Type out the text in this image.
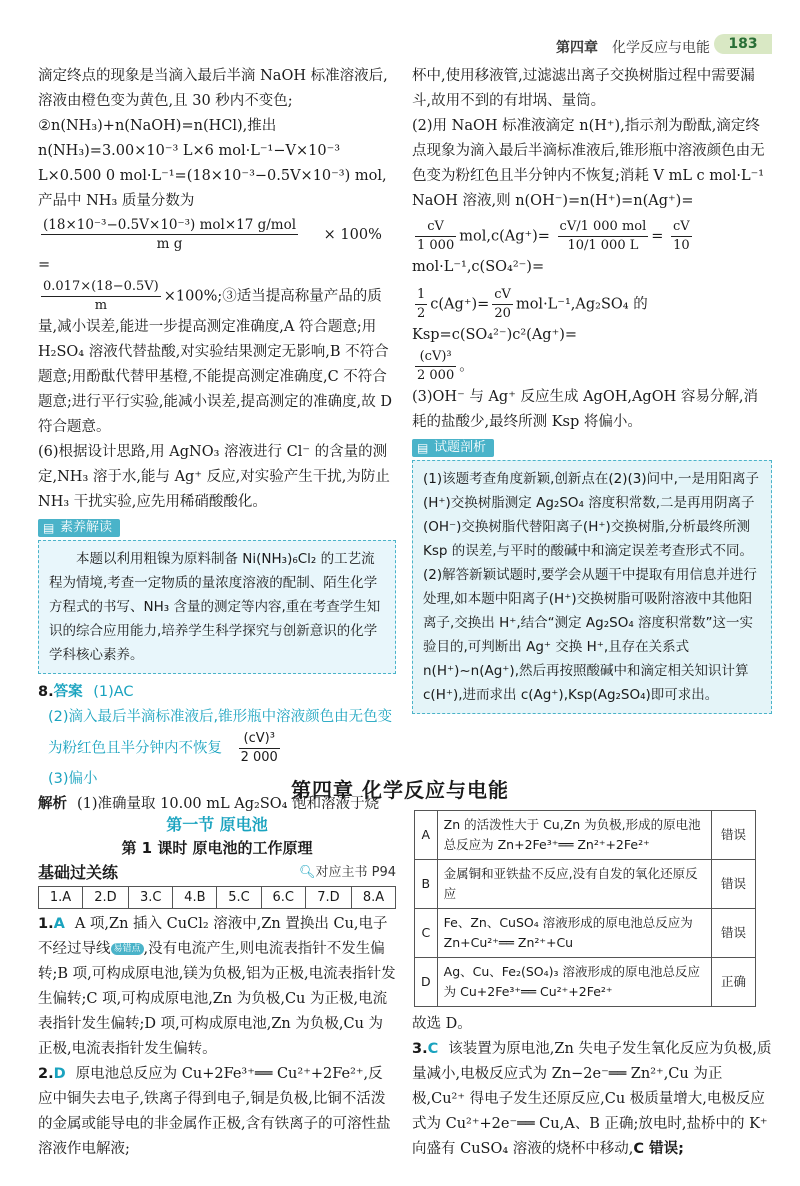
第四章 化学反应与电能	183

滴定终点的现象是当滴入最后半滴 NaOH 标准溶液后,溶液由橙色变为黄色,且 30 秒内不变色;

②n(NH₃)+n(NaOH)=n(HCl),推出 n(NH₃)=3.00×10⁻³ L×6 mol·L⁻¹−V×10⁻³ L×0.500 0 mol·L⁻¹=(18×10⁻³−0.5V×10⁻³) mol,产品中 NH₃ 质量分数为

$\frac{\text{(18×10⁻³−0.5V×10⁻³) mol×17 g/mol}}{\text{m g}} \times 100\%$ =

$\frac{0.017\times(18-0.5V)}{m}$ ×100%;③适当提高称量产品的质量,减小误差,能进一步提高测定准确度,A 符合题意;用 H₂SO₄ 溶液代替盐酸,对实验结果测定无影响,B 不符合题意;用酚酞代替甲基橙,不能提高测定准确度,C 不符合题意;进行平行实验,能减小误差,提高测定的准确度,故 D 符合题意。

(6)根据设计思路,用 AgNO₃ 溶液进行 Cl⁻ 的含量的测定,NH₃ 溶于水,能与 Ag⁺ 反应,对实验产生干扰,为防止 NH₃ 干扰实验,应先用稀硝酸酸化。

▤ 素养解读

本题以利用粗镍为原料制备 Ni(NH₃)₆Cl₂ 的工艺流程为情境,考查一定物质的量浓度溶液的配制、陌生化学方程式的书写、NH₃ 含量的测定等内容,重在考查学生知识的综合应用能力,培养学生科学探究与创新意识的化学学科核心素养。

8.答案 (1)AC

(2)滴入最后半滴标准液后,锥形瓶中溶液颜色由无色变为粉红色且半分钟内不恢复 $\frac{\text{(cV)³}}{2 000}$

(3)偏小

解析 (1)准确量取 10.00 mL Ag₂SO₄ 饱和溶液于烧

杯中,使用移液管,过滤滤出离子交换树脂过程中需要漏斗,故用不到的有坩埚、量筒。

(2)用 NaOH 标准液滴定 n(H⁺),指示剂为酚酞,滴定终点现象为滴入最后半滴标准液后,锥形瓶中溶液颜色由无色变为粉红色且半分钟内不恢复;消耗 V mL c mol·L⁻¹ NaOH 溶液,则 n(OH⁻)=n(H⁺)=n(Ag⁺)=

$\frac{cV}{1 000} mol,c(Ag^+)= \frac{\text{cV/1 000 mol}}{10/1 000 L} = \frac{cV}{10}$
mol·L⁻¹,c(SO₄²⁻)=

$\frac{1}{2} c(Ag^+)= \frac{cV}{20} mol\cdot L^{-1},Ag_2SO_4$ 的 Ksp=c(SO₄²⁻)c²(Ag⁺)=

$\frac{\text{(cV)³}}{2 000}$ 。

(3)OH⁻ 与 Ag⁺ 反应生成 AgOH,AgOH 容易分解,消耗的盐酸少,最终所测 Ksp 将偏小。

▤ 试题剖析

(1)该题考查角度新颖,创新点在(2)(3)问中,一是用阳离子(H⁺)交换树脂测定 Ag₂SO₄ 溶度积常数,二是再用阴离子(OH⁻)交换树脂代替阳离子(H⁺)交换树脂,分析最终所测 Ksp 的误差,与平时的酸碱中和滴定误差考查形式不同。

(2)解答新颖试题时,要学会从题干中提取有用信息并进行处理,如本题中阳离子(H⁺)交换树脂可吸附溶液中其他阳离子,交换出 H⁺,结合“测定 Ag₂SO₄ 溶度积常数”这一实验目的,可判断出 Ag⁺ 交换 H⁺,且存在关系式 n(H⁺)~n(Ag⁺),然后再按照酸碱中和滴定相关知识计算 c(H⁺),进而求出 c(Ag⁺),Ksp(Ag₂SO₄)即可求出。

第四章 化学反应与电能
第一节 原电池
第 1 课时 原电池的工作原理
基础过关练	🔍︎对应主书 P94
1.A	2.D	3.C	4.B	5.C	6.C	7.D	8.A

1.A A 项,Zn 插入 CuCl₂ 溶液中,Zn 置换出 Cu,电子不经过导线 易错点 ,没有电流产生,则电流表指针不发生偏转;B 项,可构成原电池,镁为负极,铝为正极,电流表指针发生偏转;C 项,可构成原电池,Zn 为负极,Cu 为正极,电流表指针发生偏转;D 项,可构成原电池,Zn 为负极,Cu 为正极,电流表指针发生偏转。

2.D 原电池总反应为 Cu+2Fe³⁺══ Cu²⁺+2Fe²⁺,反应中铜失去电子,铁离子得到电子,铜是负极,比铜不活泼的金属或能导电的非金属作正极,含有铁离子的可溶性盐溶液作电解液;

A	Zn 的活泼性大于 Cu,Zn 为负极,形成的原电池总反应为 Zn+2Fe³⁺══ Zn²⁺+2Fe²⁺	错误
B	金属铜和亚铁盐不反应,没有自发的氧化还原反应	错误
C	Fe、Zn、CuSO₄ 溶液形成的原电池总反应为 Zn+Cu²⁺══ Zn²⁺+Cu	错误
D	Ag、Cu、Fe₂(SO₄)₃ 溶液形成的原电池总反应为 Cu+2Fe³⁺══ Cu²⁺+2Fe²⁺	正确

故选 D。

3.C 该装置为原电池,Zn 失电子发生氧化反应为负极,质量减小,电极反应式为 Zn−2e⁻══ Zn²⁺,Cu 为正极,Cu²⁺ 得电子发生还原反应,Cu 极质量增大,电极反应式为 Cu²⁺+2e⁻══ Cu,A、B 正确;放电时,盐桥中的 K⁺ 向盛有 CuSO₄ 溶液的烧杯中移动,C 错误;
